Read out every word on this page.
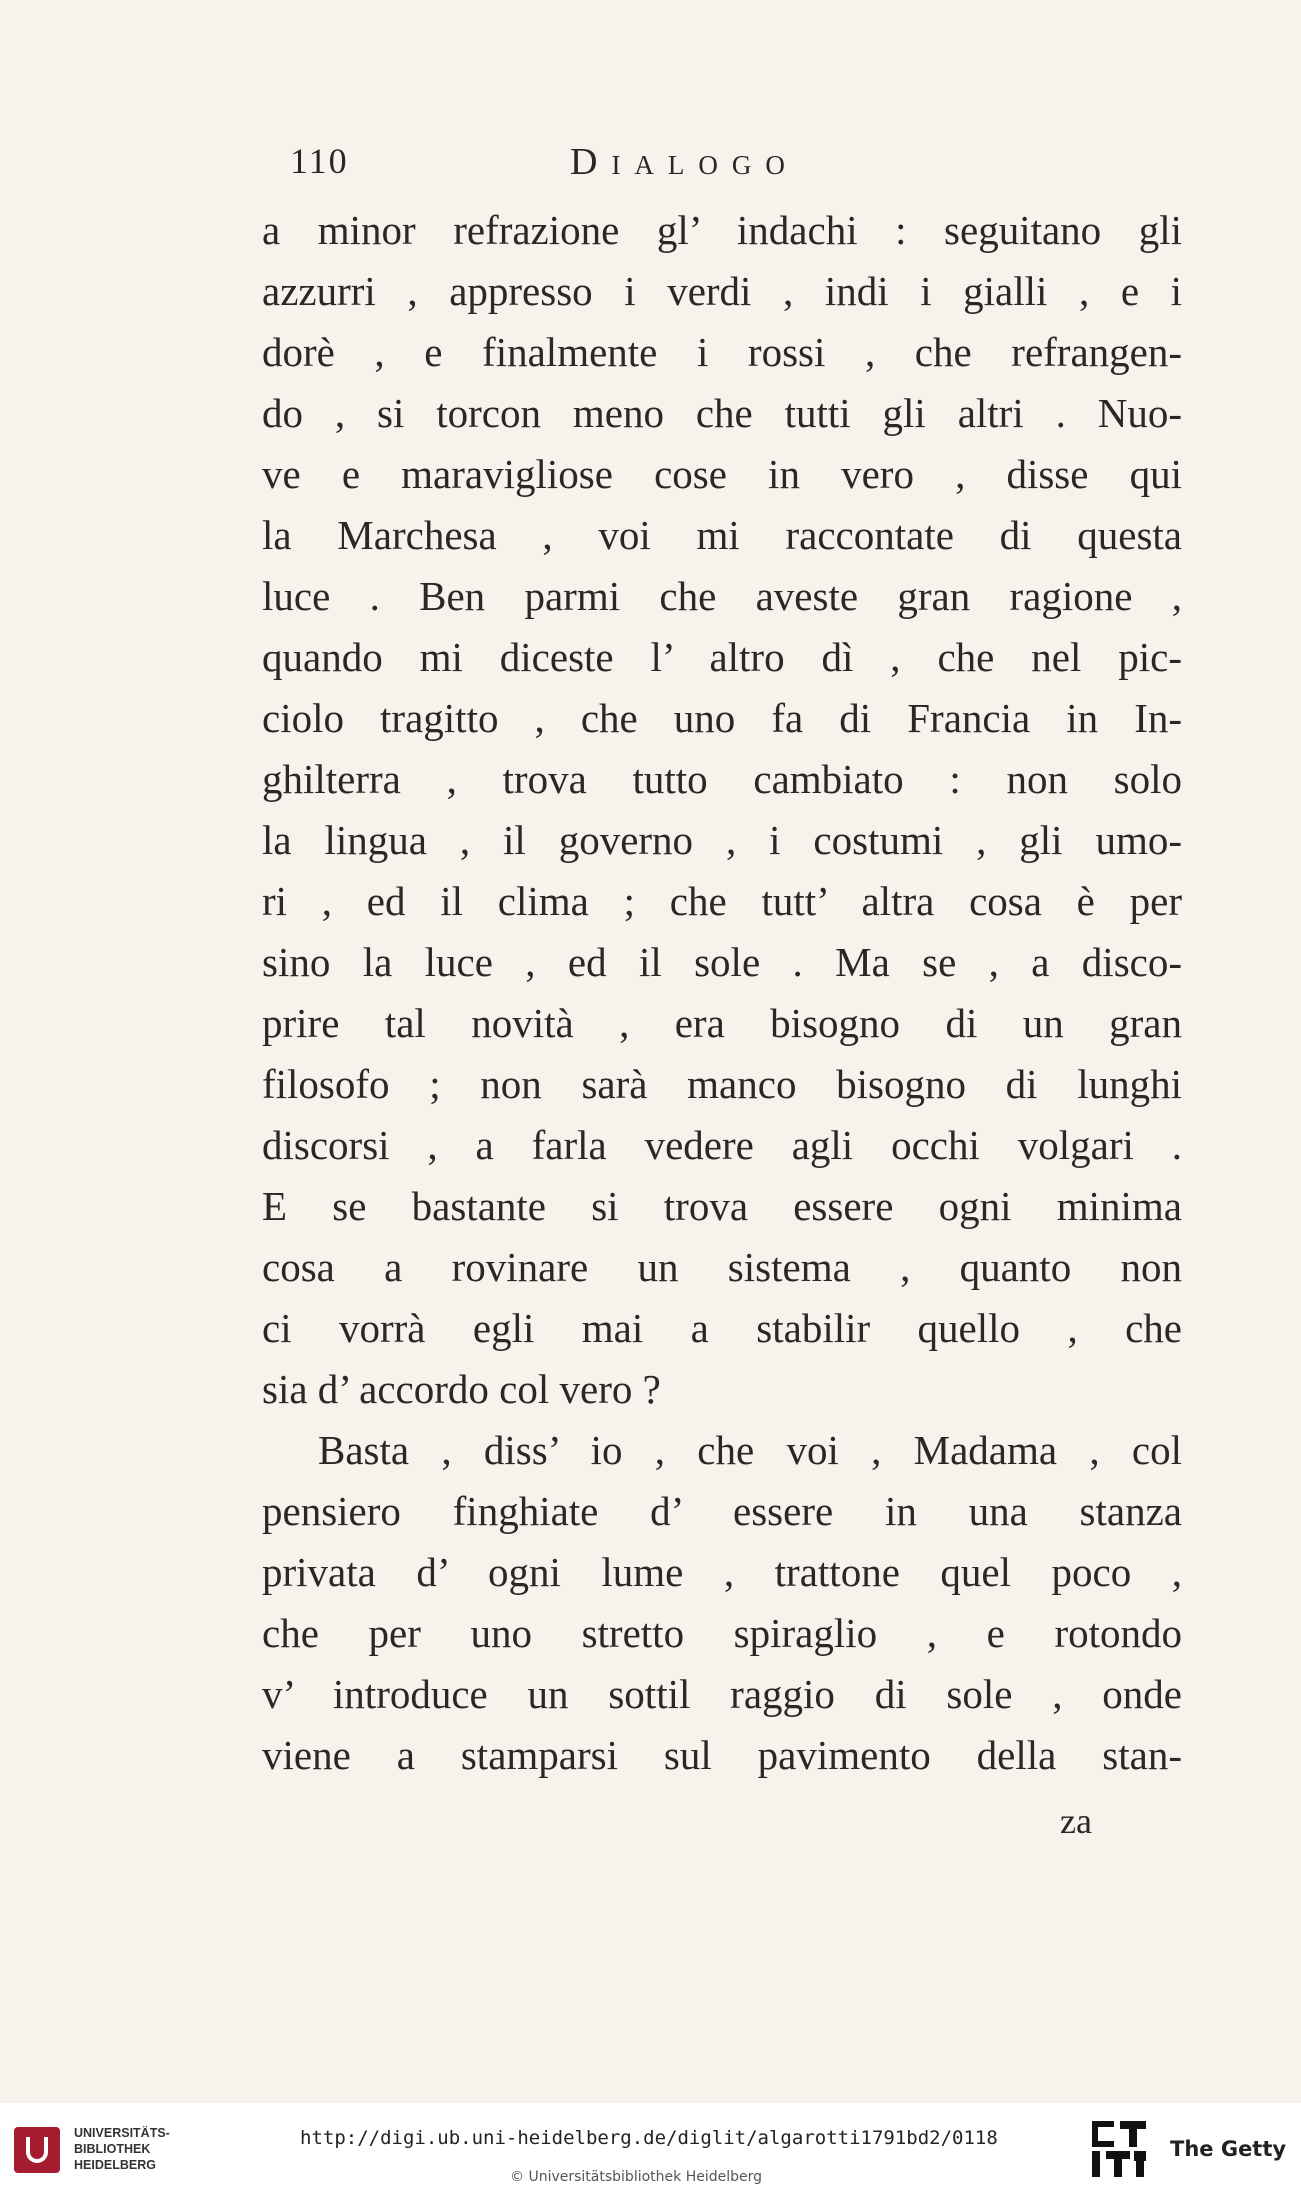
110	Dialogo
a minor refrazione gl’ indachi : seguitano gli
azzurri , appresso i verdi , indi i gialli , e i
dorè , e finalmente i rossi , che refrangen-
do , si torcon meno che tutti gli altri . Nuo-
ve e maravigliose cose in vero , disse qui
la Marchesa , voi mi raccontate di questa
luce . Ben parmi che aveste gran ragione ,
quando mi diceste l’ altro dì , che nel pic-
ciolo tragitto , che uno fa di Francia in In-
ghilterra , trova tutto cambiato : non solo
la lingua , il governo , i costumi , gli umo-
ri , ed il clima ; che tutt’ altra cosa è per
sino la luce , ed il sole . Ma se , a disco-
prire tal novità , era bisogno di un gran
filosofo ; non sarà manco bisogno di lunghi
discorsi , a farla vedere agli occhi volgari .
E se bastante si trova essere ogni minima
cosa a rovinare un sistema , quanto non
ci vorrà egli mai a stabilir quello , che
sia d’ accordo col vero ?
Basta , diss’ io , che voi , Madama , col
pensiero finghiate d’ essere in una stanza
privata d’ ogni lume , trattone quel poco ,
che per uno stretto spiraglio , e rotondo
v’ introduce un sottil raggio di sole , onde
viene a stamparsi sul pavimento della stan-
za
UNIVERSITÄTS-
BIBLIOTHEK
HEIDELBERG
http://digi.ub.uni-heidelberg.de/diglit/algarotti1791bd2/0118
© Universitätsbibliothek Heidelberg
The Getty
